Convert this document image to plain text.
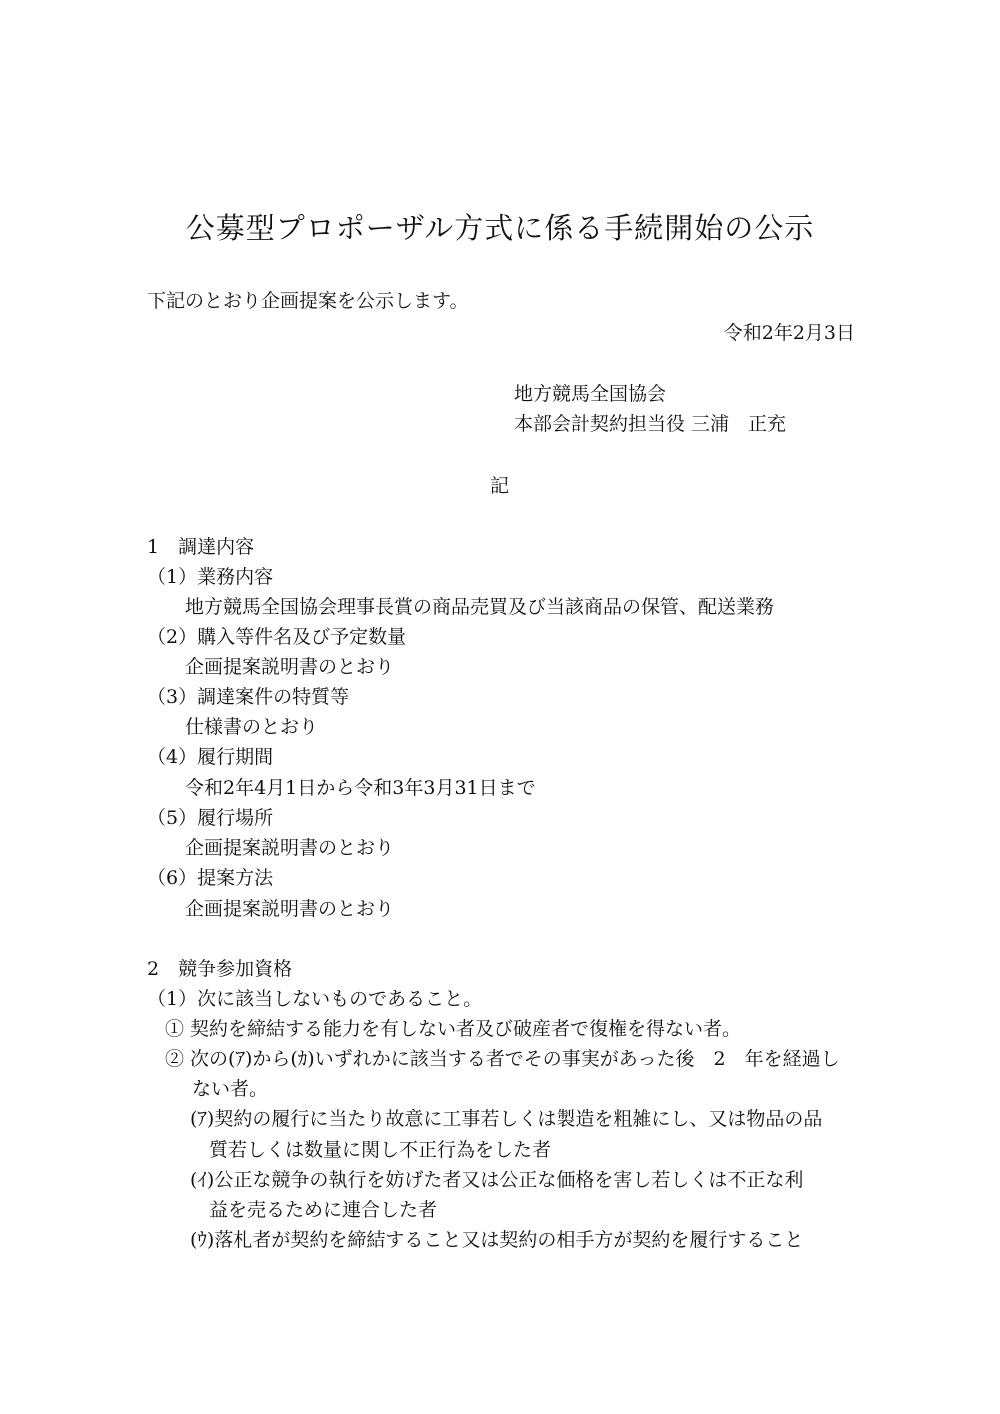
公募型プロポーザル方式に係る手続開始の公示
下記のとおり企画提案を公示します。
令和2年2月3日
地方競馬全国協会
本部会計契約担当役 三浦　正充
記
1　調達内容
（1）業務内容
地方競馬全国協会理事長賞の商品売買及び当該商品の保管、配送業務
（2）購入等件名及び予定数量
企画提案説明書のとおり
（3）調達案件の特質等
仕様書のとおり
（4）履行期間
令和2年4月1日から令和3年3月31日まで
（5）履行場所
企画提案説明書のとおり
（6）提案方法
企画提案説明書のとおり
2　競争参加資格
（1）次に該当しないものであること。
① 契約を締結する能力を有しない者及び破産者で復権を得ない者。
② 次の(ｱ)から(ｶ)いずれかに該当する者でその事実があった後　2　年を経過し
ない者。
(ｱ)契約の履行に当たり故意に工事若しくは製造を粗雑にし、又は物品の品
質若しくは数量に関し不正行為をした者
(ｲ)公正な競争の執行を妨げた者又は公正な価格を害し若しくは不正な利
益を売るために連合した者
(ｳ)落札者が契約を締結すること又は契約の相手方が契約を履行すること
